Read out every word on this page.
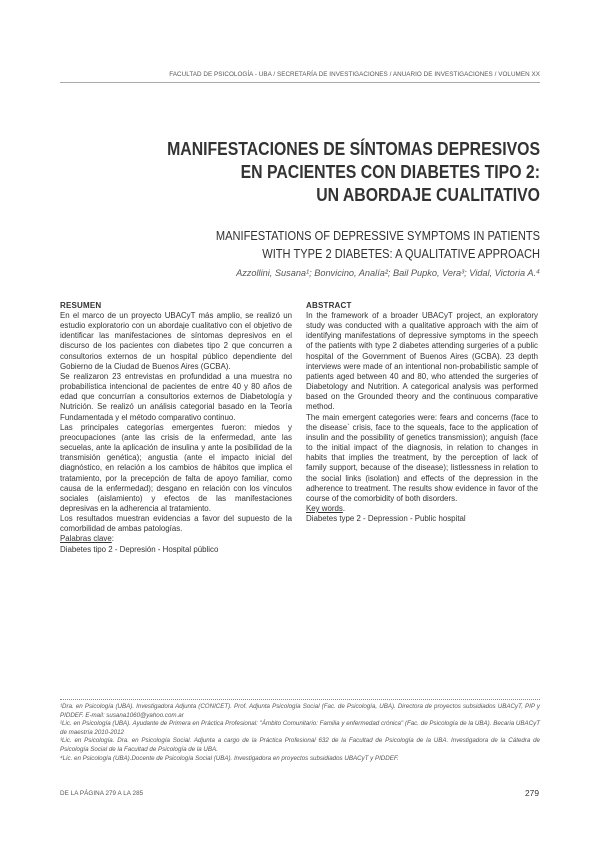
FACULTAD DE PSICOLOGÍA - UBA / SECRETARÍA DE INVESTIGACIONES / ANUARIO DE INVESTIGACIONES / VOLUMEN XX
MANIFESTACIONES DE SÍNTOMAS DEPRESIVOS
EN PACIENTES CON DIABETES TIPO 2:
UN ABORDAJE CUALITATIVO
MANIFESTATIONS OF DEPRESSIVE SYMPTOMS IN PATIENTS
WITH TYPE 2 DIABETES: A QUALITATIVE APPROACH
Azzollini, Susana¹; Bonvicino, Analía²; Bail Pupko, Vera³; Vidal, Victoria A.⁴
RESUMEN

En el marco de un proyecto UBACyT más amplio, se realizó un estudio exploratorio con un abordaje cualitativo con el objetivo de identificar las manifestaciones de síntomas depresivos en el discurso de los pacientes con diabetes tipo 2 que concurren a consultorios externos de un hospital público dependiente del Gobierno de la Ciudad de Buenos Aires (GCBA).

Se realizaron 23 entrevistas en profundidad a una muestra no probabilística intencional de pacientes de entre 40 y 80 años de edad que concurrían a consultorios externos de Diabetología y Nutrición. Se realizó un análisis categorial basado en la Teoría Fundamentada y el método comparativo continuo.

Las principales categorías emergentes fueron: miedos y preocupaciones (ante las crisis de la enfermedad, ante las secuelas, ante la aplicación de insulina y ante la posibilidad de la transmisión genética); angustia (ante el impacto inicial del diagnóstico, en relación a los cambios de hábitos que implica el tratamiento, por la precepción de falta de apoyo familiar, como causa de la enfermedad); desgano en relación con los vínculos sociales (aislamiento) y efectos de las manifestaciones depresivas en la adherencia al tratamiento.

Los resultados muestran evidencias a favor del supuesto de la comorbilidad de ambas patologías.

Palabras clave:

Diabetes tipo 2 - Depresión - Hospital público

ABSTRACT

In the framework of a broader UBACyT project, an exploratory study was conducted with a qualitative approach with the aim of identifying manifestations of depressive symptoms in the speech of the patients with type 2 diabetes attending surgeries of a public hospital of the Government of Buenos Aires (GCBA). 23 depth interviews were made of an intentional non-probabilistic sample of patients aged between 40 and 80, who attended the surgeries of Diabetology and Nutrition. A categorical analysis was performed based on the Grounded theory and the continuous comparative method.

The main emergent categories were: fears and concerns (face to the disease` crisis, face to the squeals, face to the application of insulin and the possibility of genetics transmission); anguish (face to the initial impact of the diagnosis, in relation to changes in habits that implies the treatment, by the perception of lack of family support, because of the disease); listlessness in relation to the social links (isolation) and effects of the depression in the adherence to treatment. The results show evidence in favor of the course of the comorbidity of both disorders.

Key words.

Diabetes type 2 - Depression - Public hospital

¹Dra. en Psicología (UBA). Investigadora Adjunta (CONICET). Prof. Adjunta Psicología Social (Fac. de Psicología, UBA). Directora de proyectos subsidiados UBACyT, PIP y PIDDEF. E-mail: susana1060@yahoo.com.ar

²Lic. en Psicología (UBA). Ayudante de Primera en Práctica Profesional: "Ámbito Comunitario: Familia y enfermedad crónica" (Fac. de Psicología de la UBA). Becaria UBACyT de maestría 2010-2012

³Lic. en Psicología. Dra. en Psicología Social. Adjunta a cargo de la Práctica Profesional 632 de la Facultad de Psicología de la UBA. Investigadora de la Cátedra de Psicología Social de la Facultad de Psicología de la UBA.

⁴Lic. en Psicología (UBA).Docente de Psicología Social (UBA). Investigadora en proyectos subsidiados UBACyT y PIDDEF.

DE LA PÁGINA 279 A LA 285	279
